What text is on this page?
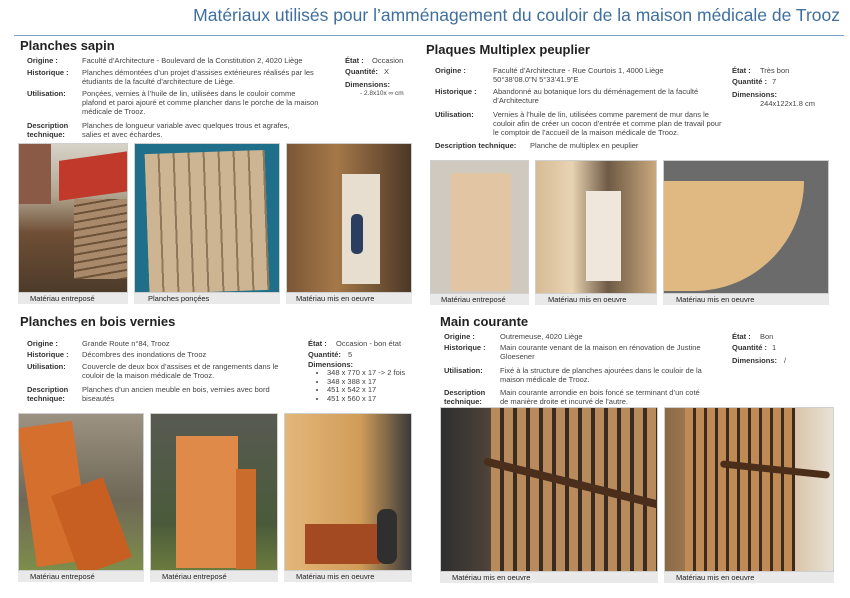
Matériaux utilisés pour l’amménagement du couloir de la maison médicale de Trooz
Planches sapin
Origine :	Faculté d’Architecture - Boulevard de la Constitution 2, 4020 Liège
Historique : Planches démontées d’un projet d’assises extérieures réalisés par les étudiants de la faculté d’architecture de Liège.
Utilisation: Ponçées, vernies à l’huile de lin, utilisées dans le couloir comme plafond et paroi ajouré et comme plancher dans le porche de la maison médicale de Trooz.
Description
technique:
Planches de longueur variable avec quelques trous et agrafes, salies et avec échardes.
État : Occasion
Quantité: X
Dimensions:
- 2.8x10x ∞ cm
Matériau entreposé	Planches ponçées	Matériau mis en oeuvre
Plaques Multiplex peuplier
Origine :	Faculté d’Architecture - Rue Courtois 1, 4000 Liège
50°38’08.0"N 5°33’41.9"E
Historique : Abandonné au botanique lors du déménagement de la faculté d’Architecture
Utilisation:	Vernies à l’huile de lin, utilisées comme parement de mur dans le couloir afin de créer un cocon d’entrée et comme plan de travail pour le comptoir de l’accueil de la maison médicale de Trooz.
Description technique: Planche de multiplex en peuplier
État : Très bon
Quantité : 7
Dimensions:
244x122x1.8 cm
Matériau entreposé	Matériau mis en oeuvre	Matériau mis en oeuvre
Planches en bois vernies
Origine :	Grande Route n°84, Trooz
Historique : Décombres des inondations de Trooz
Utilisation: Couvercle de deux box d’assises et de rangements dans le couloir de la maison médicale de Trooz.
Description
technique:
Planches d’un ancien meuble en bois, vernies avec bord biseautés
État : Occasion - bon état
Quantité: 5
Dimensions:
• 348 x 770 x 17 -> 2 fois
• 348 x 388 x 17
• 451 x 542 x 17
• 451 x 560 x 17
Matériau entreposé	Matériau entreposé	Matériau mis en oeuvre
Main courante
Origine :	Outremeuse, 4020 Liège
Historique : Main courante venant de la maison en rénovation de Justine Gloesener
Utilisation: Fixé à la structure de planches ajourées dans le couloir de la maison médicale de Trooz.
Description
technique:
Main courante arrondie en bois foncé se terminant d’un coté de manière droite et incurvé de l’autre.
État : Bon
Quantité : 1
Dimensions: /
Matériau mis en oeuvre	Matériau mis en oeuvre
